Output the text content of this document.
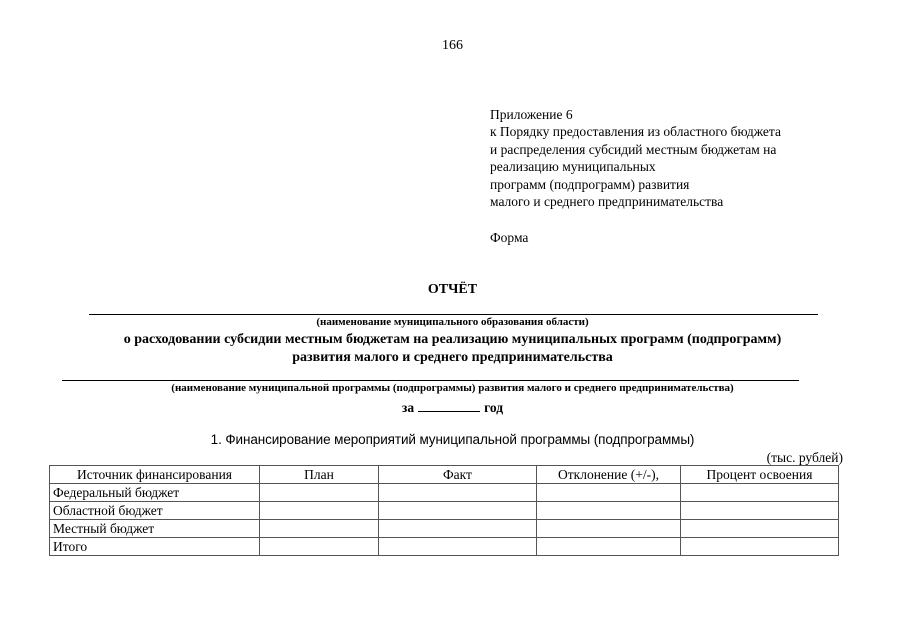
166
Приложение 6
к Порядку предоставления из областного бюджета
и распределения субсидий местным бюджетам на
реализацию муниципальных
программ (подпрограмм) развития
малого и среднего предпринимательства
Форма
ОТЧЁТ
(наименование муниципального образования области)
о расходовании субсидии местным бюджетам на реализацию муниципальных программ (подпрограмм)
развития малого и среднего предпринимательства
(наименование муниципальной программы (подпрограммы) развития малого и среднего предпринимательства)
за	год
1. Финансирование мероприятий муниципальной программы (подпрограммы)
(тыс. рублей)
Источник финансирования	План	Факт	Отклонение (+/-),	Процент освоения
Федеральный бюджет				
Областной бюджет				
Местный бюджет				
Итого				
